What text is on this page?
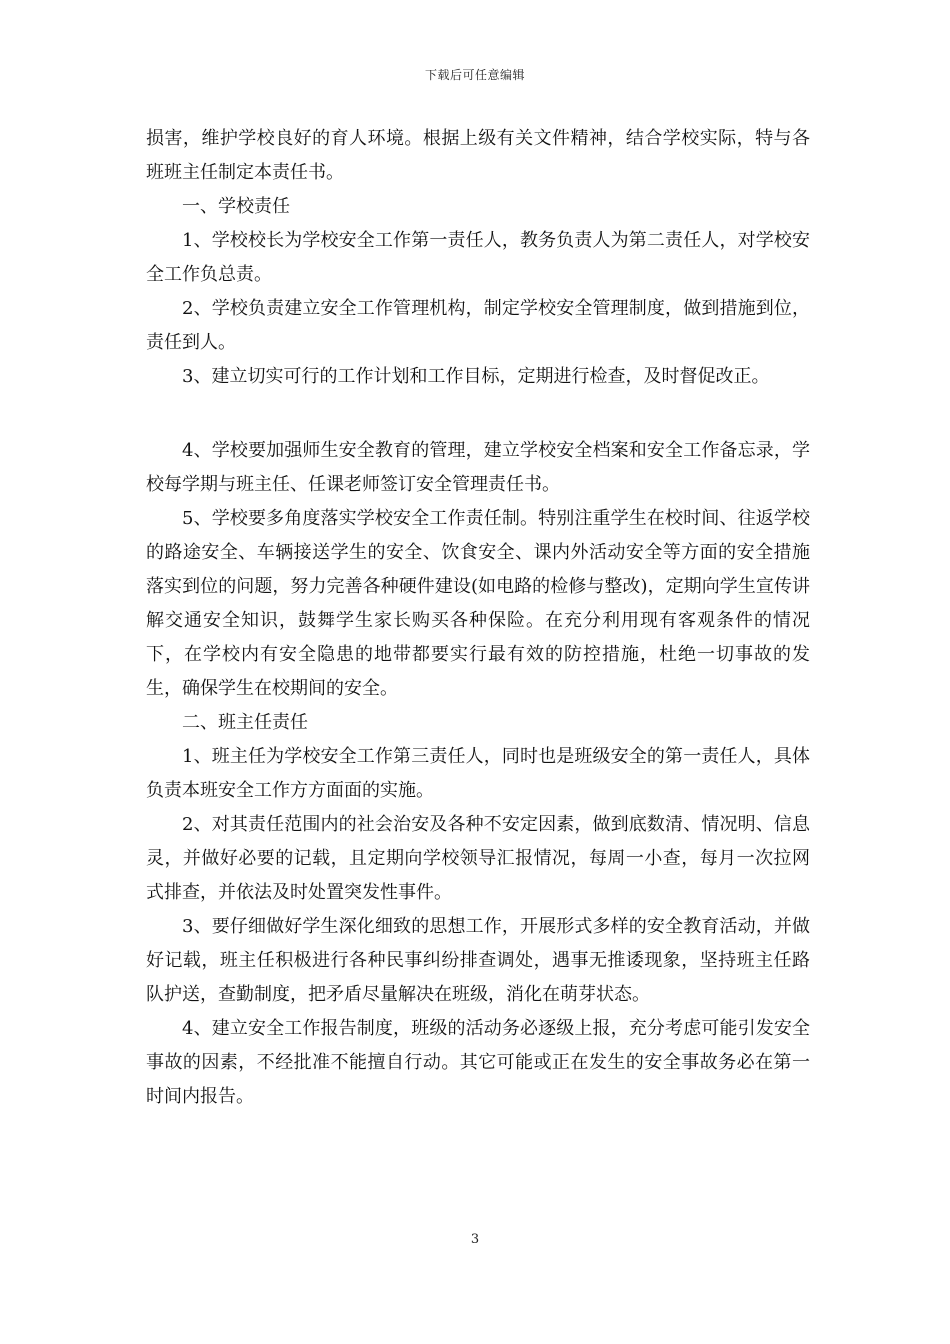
下载后可任意编辑

损害，维护学校良好的育人环境。根据上级有关文件精神，结合学校实际，特与各班班主任制定本责任书。

一、学校责任

1、学校校长为学校安全工作第一责任人，教务负责人为第二责任人，对学校安全工作负总责。

2、学校负责建立安全工作管理机构，制定学校安全管理制度，做到措施到位，责任到人。

3、建立切实可行的工作计划和工作目标，定期进行检查，及时督促改正。

4、学校要加强师生安全教育的管理，建立学校安全档案和安全工作备忘录，学校每学期与班主任、任课老师签订安全管理责任书。

5、学校要多角度落实学校安全工作责任制。特别注重学生在校时间、往返学校的路途安全、车辆接送学生的安全、饮食安全、课内外活动安全等方面的安全措施落实到位的问题，努力完善各种硬件建设(如电路的检修与整改)，定期向学生宣传讲解交通安全知识，鼓舞学生家长购买各种保险。在充分利用现有客观条件的情况下，在学校内有安全隐患的地带都要实行最有效的防控措施，杜绝一切事故的发生，确保学生在校期间的安全。

二、班主任责任

1、班主任为学校安全工作第三责任人，同时也是班级安全的第一责任人，具体负责本班安全工作方方面面的实施。

2、对其责任范围内的社会治安及各种不安定因素，做到底数清、情况明、信息灵，并做好必要的记载，且定期向学校领导汇报情况，每周一小查，每月一次拉网式排查，并依法及时处置突发性事件。

3、要仔细做好学生深化细致的思想工作，开展形式多样的安全教育活动，并做好记载，班主任积极进行各种民事纠纷排查调处，遇事无推诿现象，坚持班主任路队护送，查勤制度，把矛盾尽量解决在班级，消化在萌芽状态。

4、建立安全工作报告制度，班级的活动务必逐级上报，充分考虑可能引发安全事故的因素，不经批准不能擅自行动。其它可能或正在发生的安全事故务必在第一时间内报告。

3
